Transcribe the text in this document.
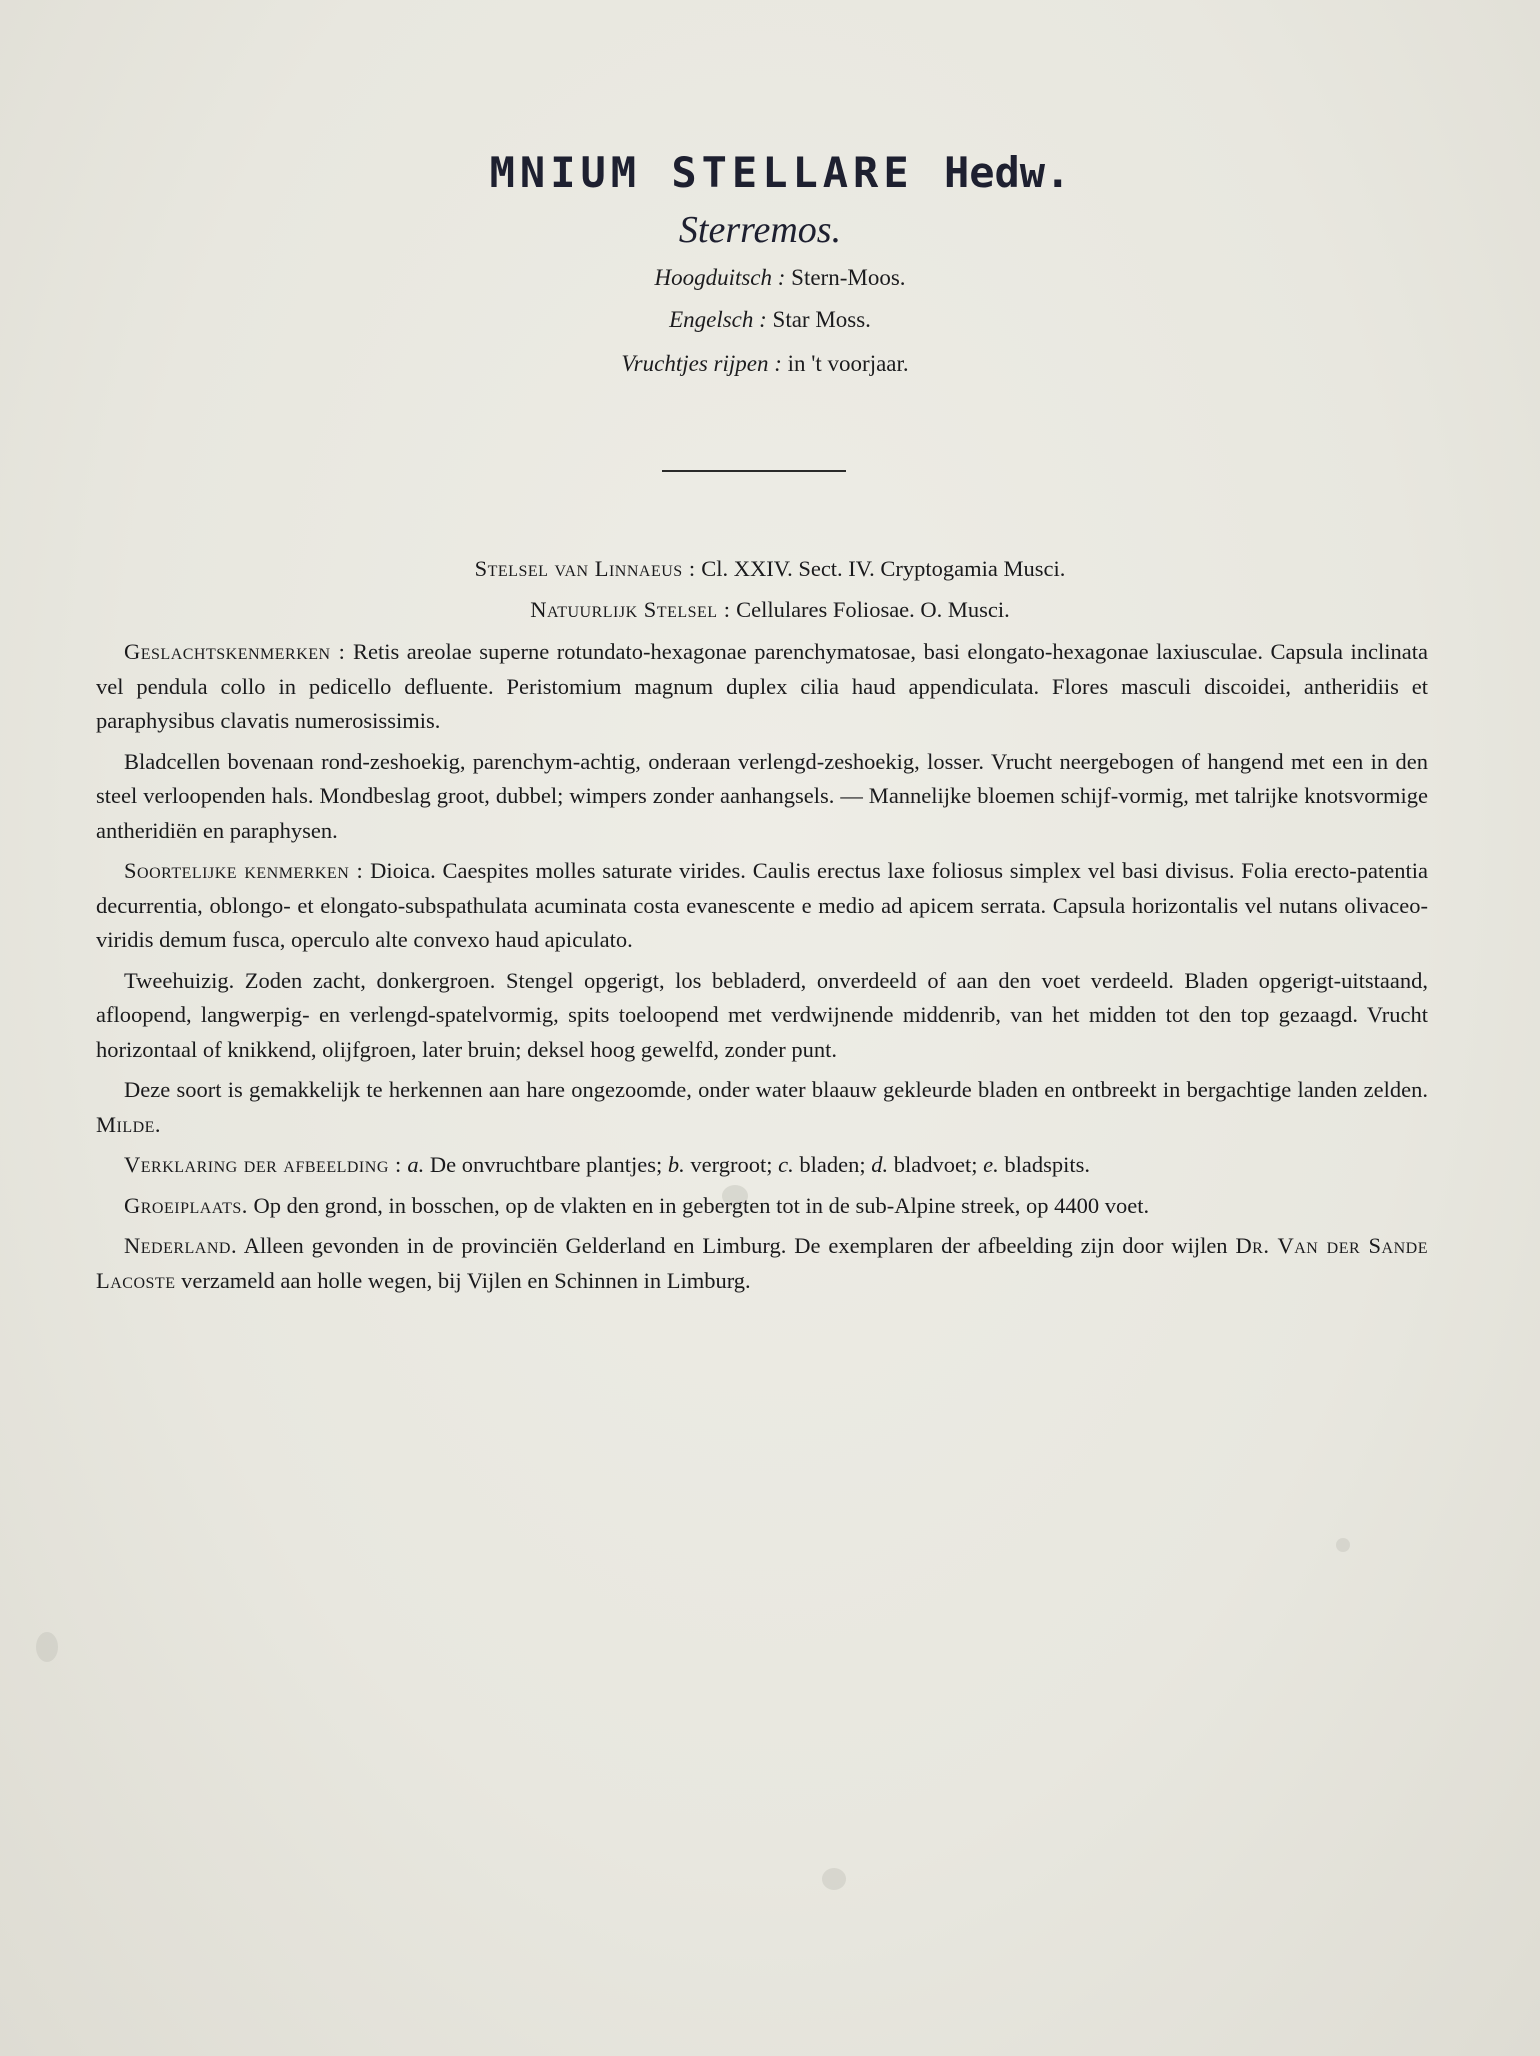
MNIUM STELLARE Hedw.
Sterremos.
Hoogduitsch : Stern-Moos.
Engelsch : Star Moss.
Vruchtjes rijpen : in 't voorjaar.
Stelsel van Linnaeus : Cl. XXIV. Sect. IV. Cryptogamia Musci.
Natuurlijk Stelsel : Cellulares Foliosae. O. Musci.

Geslachtskenmerken : Retis areolae superne rotundato-hexagonae parenchymatosae, basi elongato-hexagonae laxiusculae. Capsula inclinata vel pendula collo in pedicello defluente. Peristomium magnum duplex cilia haud appendiculata. Flores masculi discoidei, antheridiis et paraphysibus clavatis numerosissimis.

Bladcellen bovenaan rond-zeshoekig, parenchym-achtig, onderaan verlengd-zeshoekig, losser. Vrucht neergebogen of hangend met een in den steel verloopenden hals. Mondbeslag groot, dubbel; wimpers zonder aanhangsels. — Mannelijke bloemen schijf-vormig, met talrijke knotsvormige antheridiën en paraphysen.

Soortelijke kenmerken : Dioica. Caespites molles saturate virides. Caulis erectus laxe foliosus simplex vel basi divisus. Folia erecto-patentia decurrentia, oblongo- et elongato-subspathulata acuminata costa evanescente e medio ad apicem serrata. Capsula horizontalis vel nutans olivaceo-viridis demum fusca, operculo alte convexo haud apiculato.

Tweehuizig. Zoden zacht, donkergroen. Stengel opgerigt, los bebladerd, onverdeeld of aan den voet verdeeld. Bladen opgerigt-uitstaand, afloopend, langwerpig- en verlengd-spatelvormig, spits toeloopend met verdwijnende middenrib, van het midden tot den top gezaagd. Vrucht horizontaal of knikkend, olijfgroen, later bruin; deksel hoog gewelfd, zonder punt.

Deze soort is gemakkelijk te herkennen aan hare ongezoomde, onder water blaauw gekleurde bladen en ontbreekt in bergachtige landen zelden. Milde.

Verklaring der afbeelding : a. De onvruchtbare plantjes; b. vergroot; c. bladen; d. bladvoet; e. bladspits.

Groeiplaats. Op den grond, in bosschen, op de vlakten en in gebergten tot in de sub-Alpine streek, op 4400 voet.

Nederland. Alleen gevonden in de provinciën Gelderland en Limburg. De exemplaren der afbeelding zijn door wijlen Dr. Van der Sande Lacoste verzameld aan holle wegen, bij Vijlen en Schinnen in Limburg.
